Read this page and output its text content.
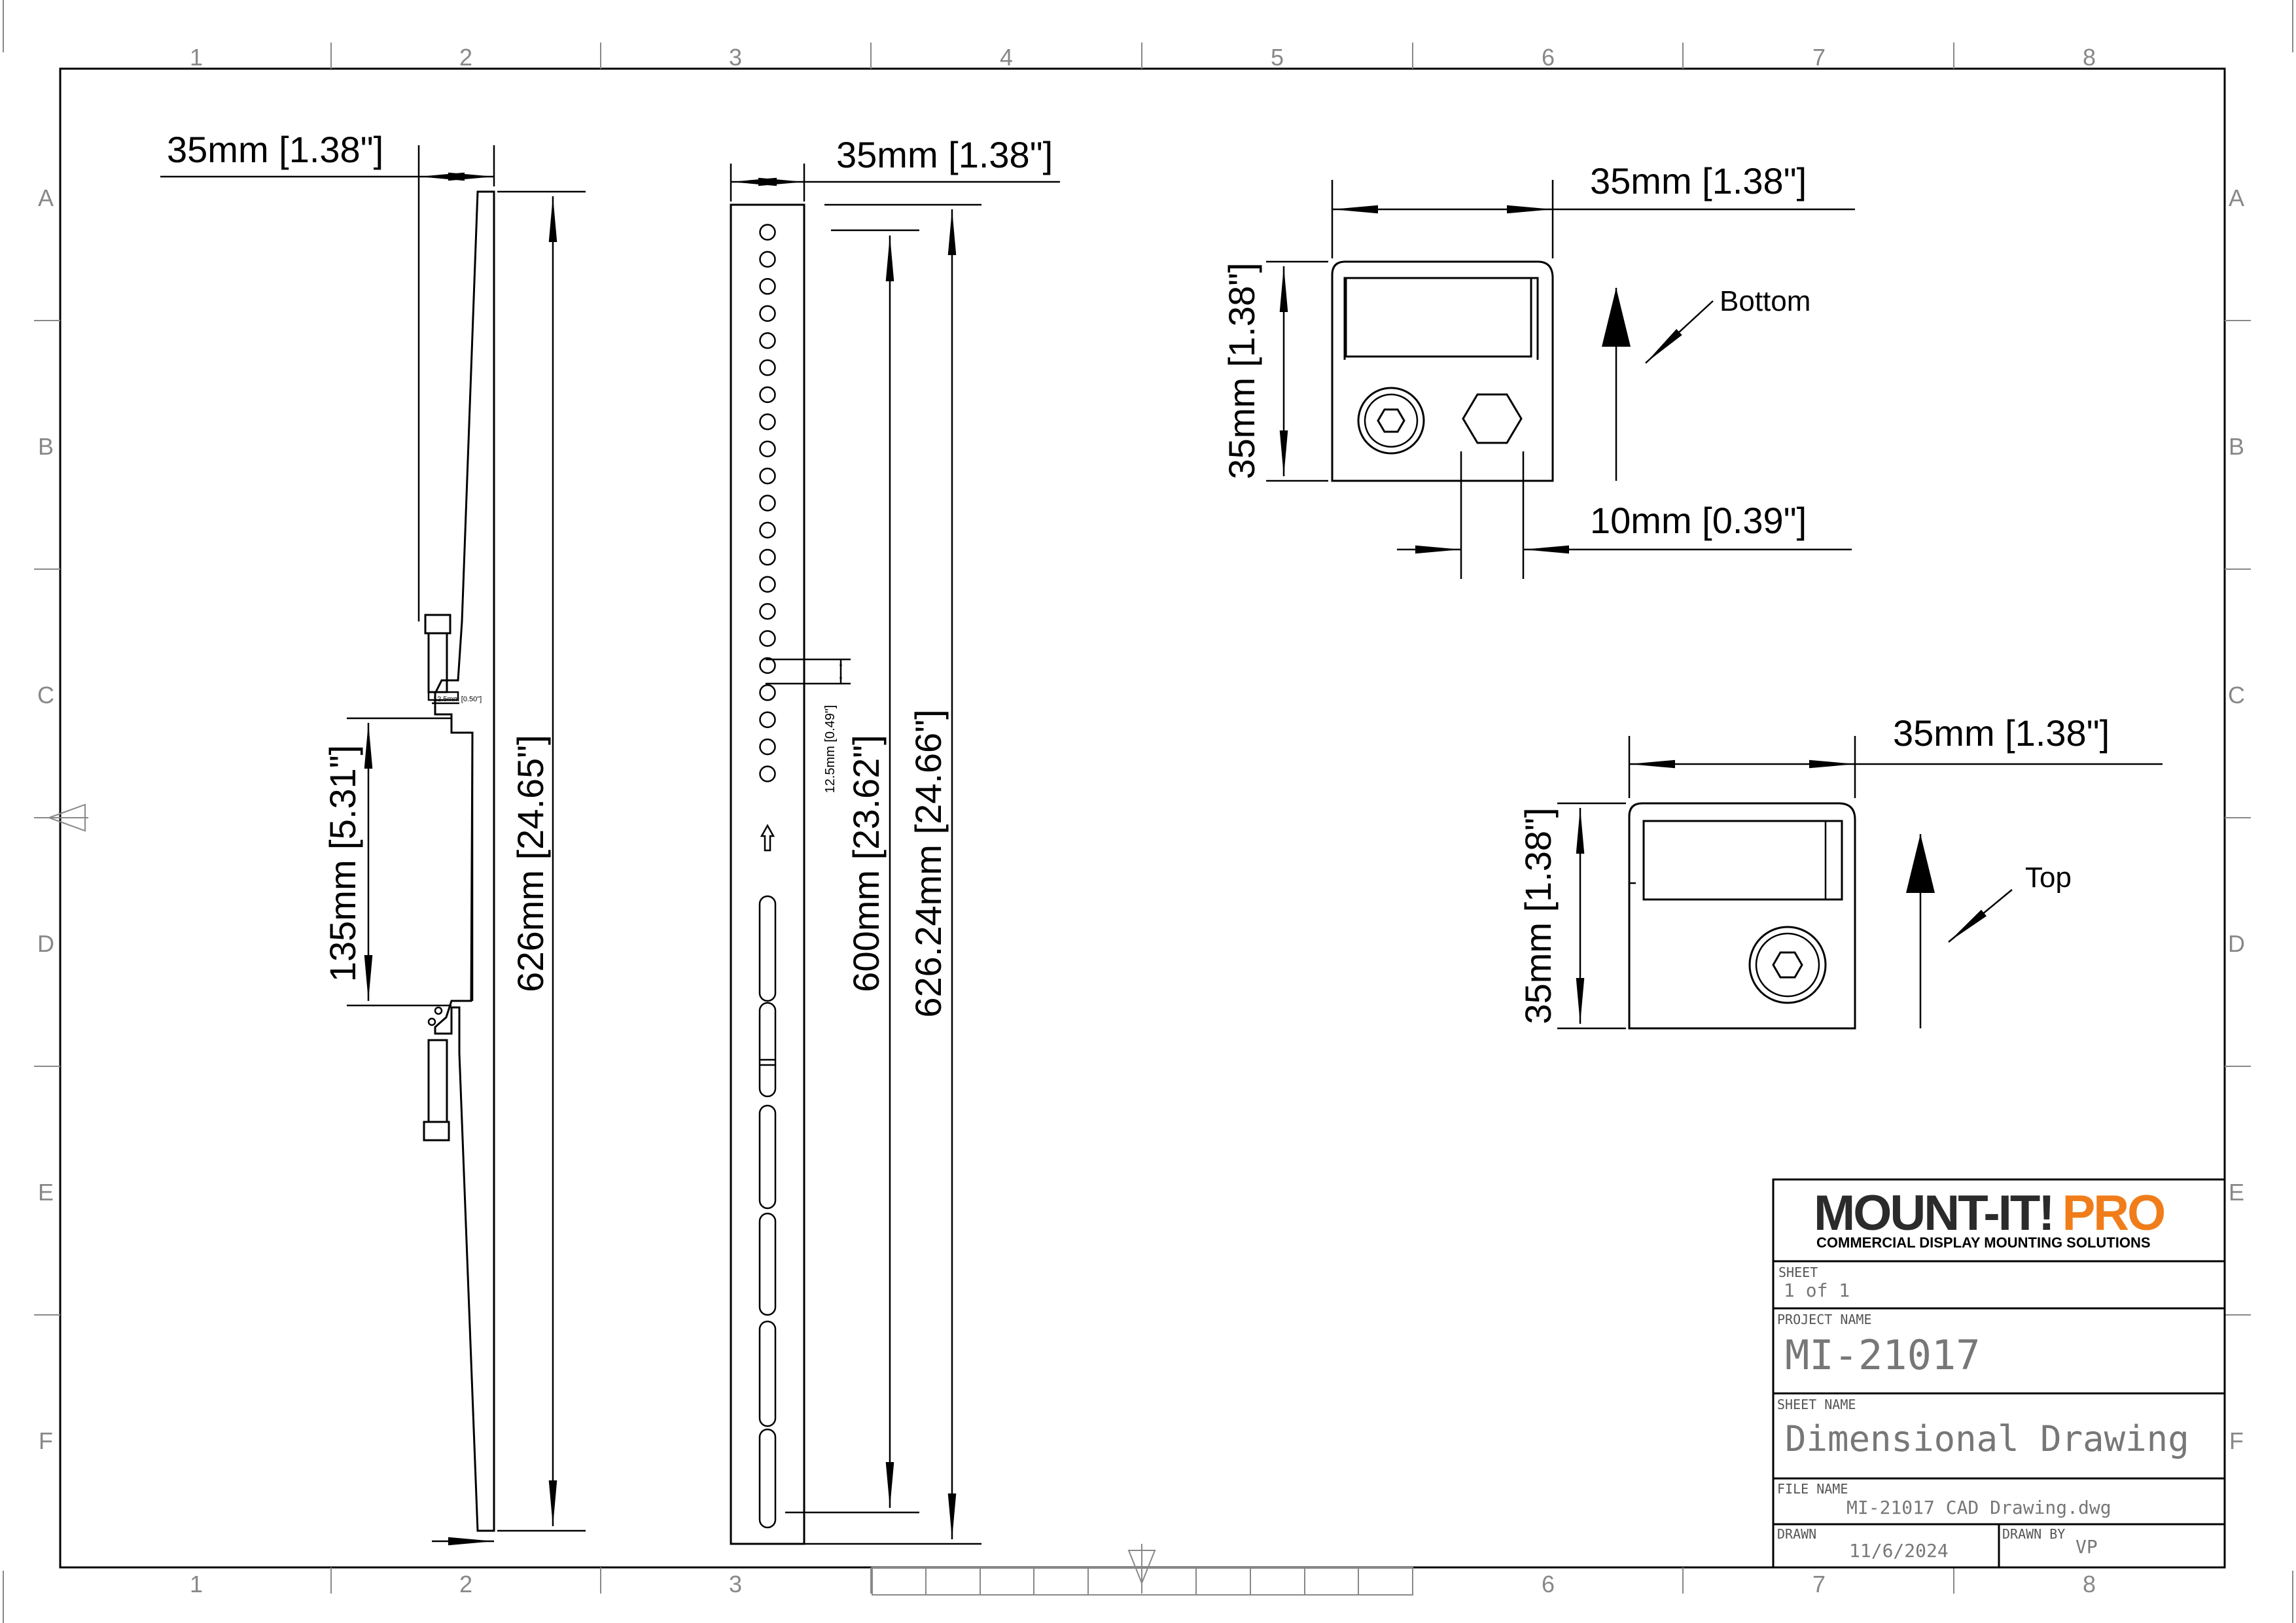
1	2	3	4	5	6	7	8
1	2	3	6	7	8
A
B
C
D
E
F
A
B
C
D
E
F
12.5mm [0.50"]
35mm [1.38"]
626mm [24.65"]
135mm [5.31"]
35mm [1.38"]
600mm [23.62"] 626.24mm [24.66"]
12.5mm [0.49"]
35mm [1.38"]
35mm [1.38"]
10mm [0.39"]
Bottom
35mm [1.38"]
35mm [1.38"]	Top
MOUNT-IT! PRO
COMMERCIAL DISPLAY MOUNTING SOLUTIONS
SHEET
1 of 1
PROJECT NAME
MI-21017
SHEET NAME
Dimensional Drawing
FILE NAME
MI-21017 CAD Drawing.dwg
DRAWN
11/6/2024
DRAWN BY
VP
